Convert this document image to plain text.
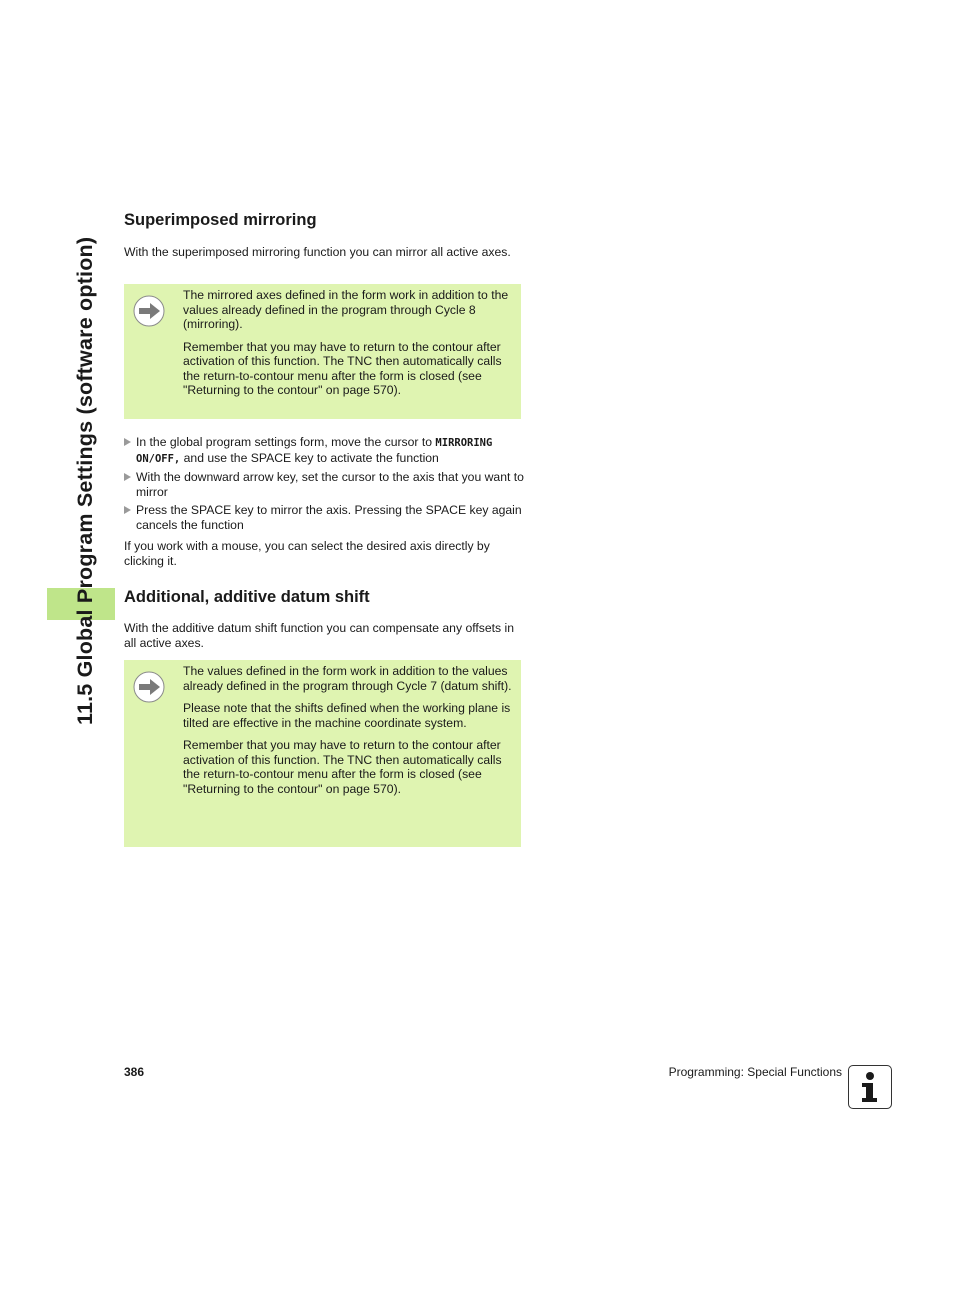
11.5 Global Program Settings (software option)
Superimposed mirroring

With the superimposed mirroring function you can mirror all active axes.

The mirrored axes defined in the form work in addition to the values already defined in the program through Cycle 8 (mirroring).

Remember that you may have to return to the contour after activation of this function. The TNC then automatically calls the return-to-contour menu after the form is closed (see "Returning to the contour" on page 570).

In the global program settings form, move the cursor to MIRRORING ON/OFF, and use the SPACE key to activate the function
With the downward arrow key, set the cursor to the axis that you want to mirror
Press the SPACE key to mirror the axis. Pressing the SPACE key again cancels the function

If you work with a mouse, you can select the desired axis directly by clicking it.

Additional, additive datum shift

With the additive datum shift function you can compensate any offsets in all active axes.

The values defined in the form work in addition to the values already defined in the program through Cycle 7 (datum shift).

Please note that the shifts defined when the working plane is tilted are effective in the machine coordinate system.

Remember that you may have to return to the contour after activation of this function. The TNC then automatically calls the return-to-contour menu after the form is closed (see "Returning to the contour" on page 570).

386	Programming: Special Functions
